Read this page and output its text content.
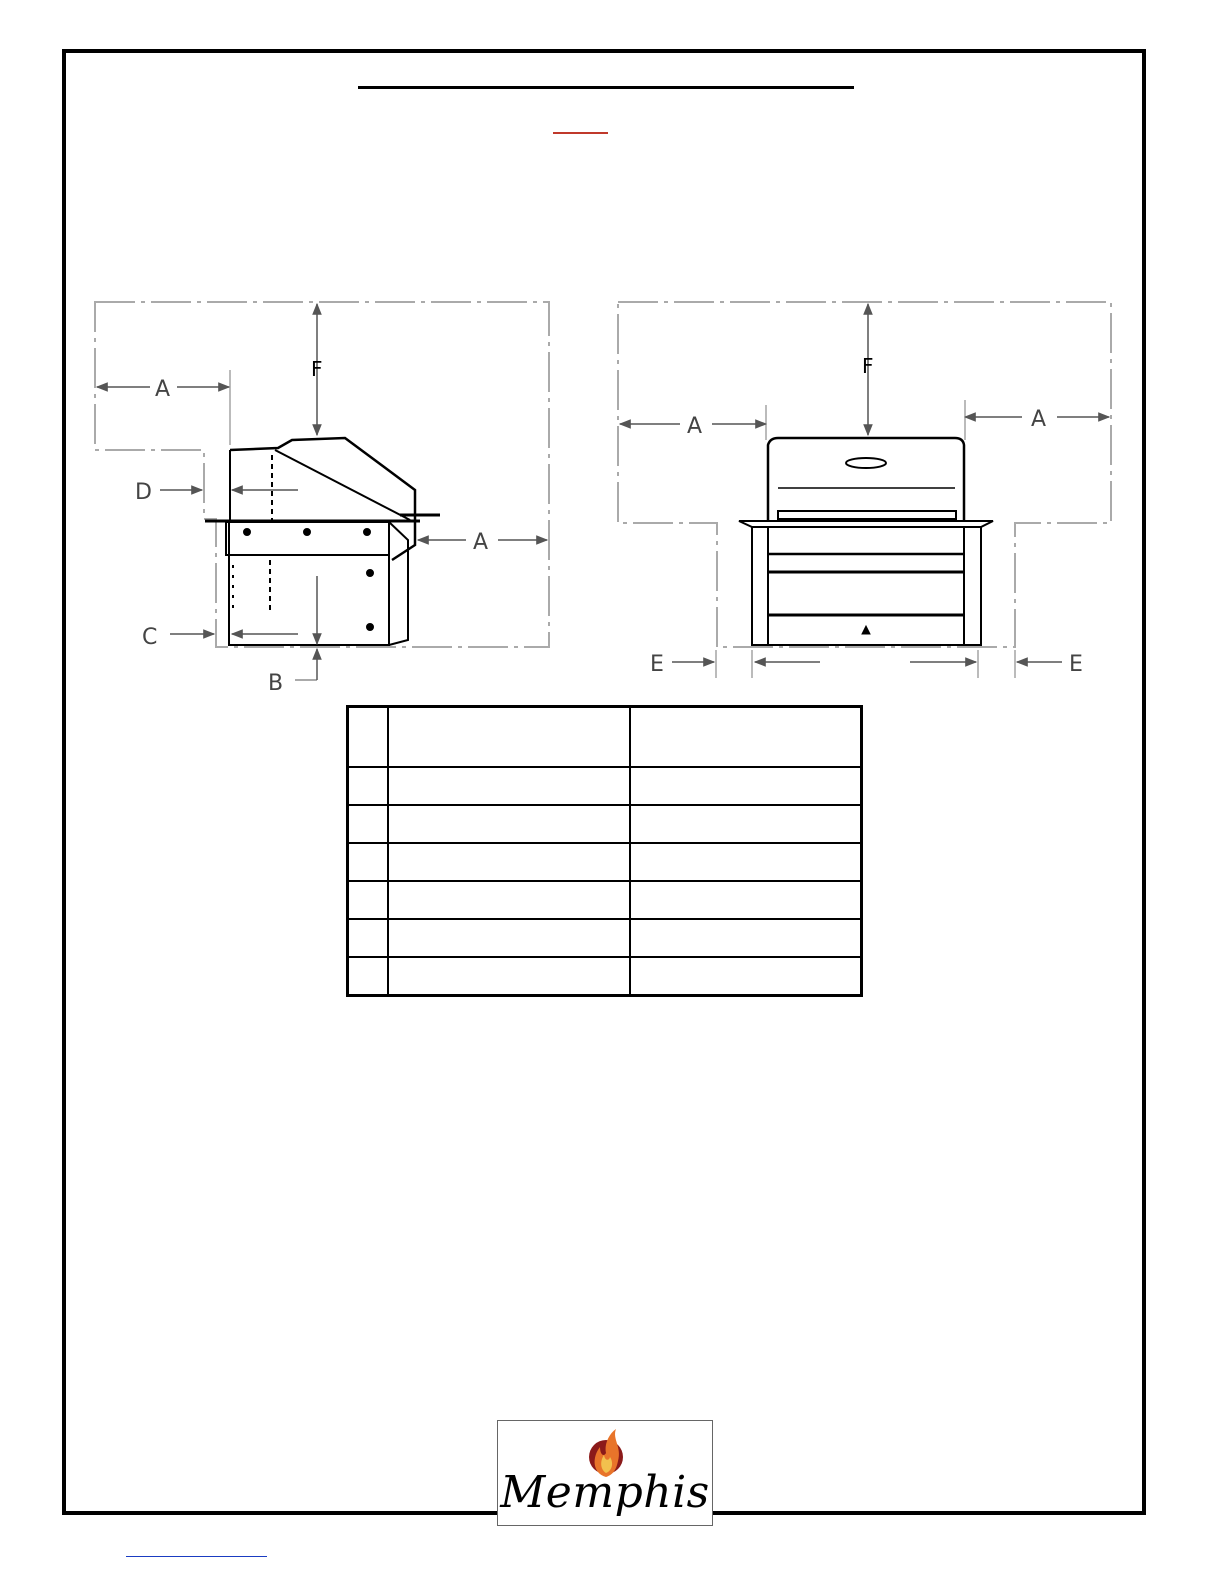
F
A
D
C
B
A
F
A	A
E	E

Memphis
